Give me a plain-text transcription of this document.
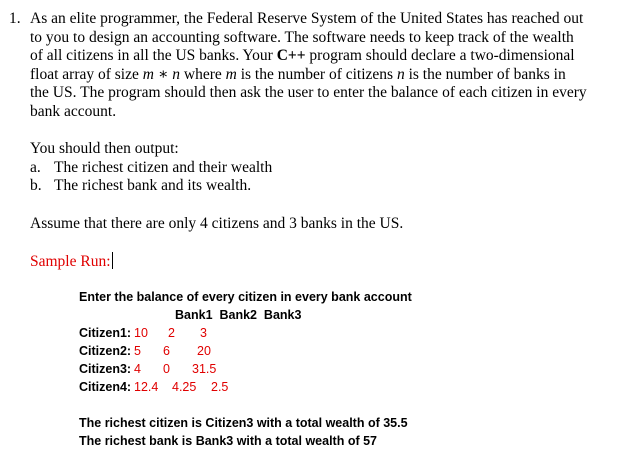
1. As an elite programmer, the Federal Reserve System of the United States has reached out
to you to design an accounting software. The software needs to keep track of the wealth
of all citizens in all the US banks. Your C++ program should declare a two-dimensional
float array of size m ∗ n where m is the number of citizens n is the number of banks in
the US. The program should then ask the user to enter the balance of each citizen in every
bank account.
You should then output:
a. The richest citizen and their wealth
b. The richest bank and its wealth.
Assume that there are only 4 citizens and 3 banks in the US.
Sample Run:
Enter the balance of every citizen in every bank account
Bank1  Bank2  Bank3
Citizen1: 10 2 3
Citizen2: 5 6 20
Citizen3: 4 0 31.5
Citizen4: 12.4 4.25 2.5
The richest citizen is Citizen3 with a total wealth of 35.5
The richest bank is Bank3 with a total wealth of 57
